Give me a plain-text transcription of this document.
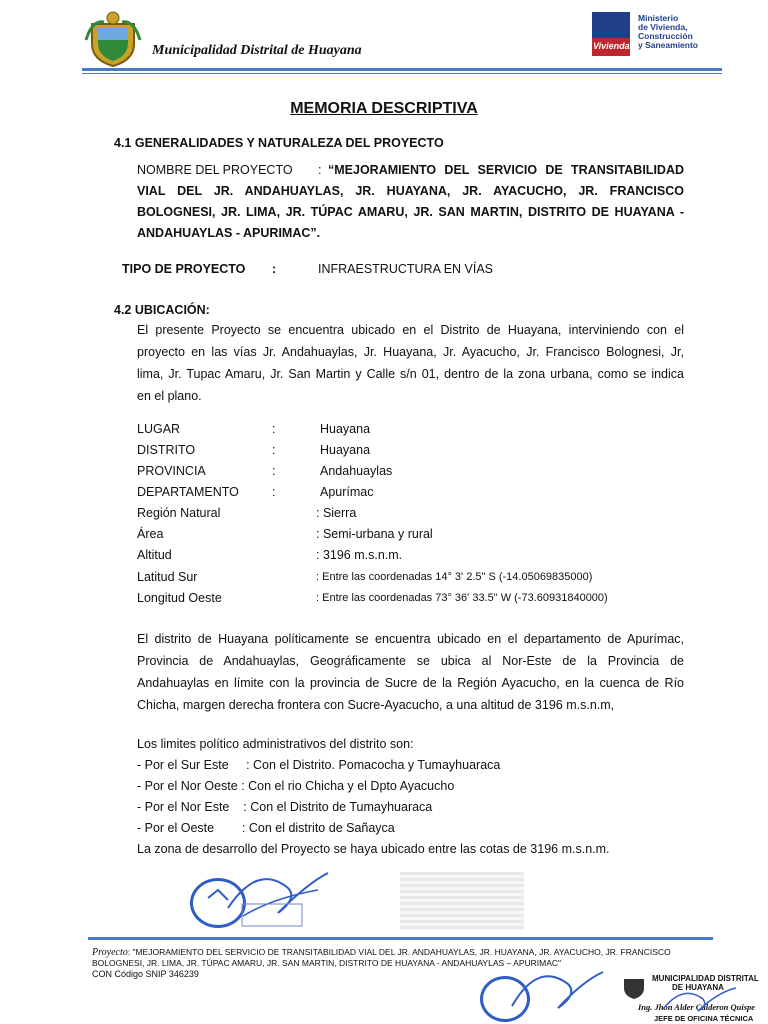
Municipalidad Distrital de Huayana	Vivienda
Ministerio
de Vivienda,
Construcción
y Saneamiento
MEMORIA DESCRIPTIVA
4.1 GENERALIDADES Y NATURALEZA DEL PROYECTO
NOMBRE DEL PROYECTO : “MEJORAMIENTO DEL SERVICIO DE TRANSITABILIDAD
VIAL DEL JR. ANDAHUAYLAS, JR. HUAYANA, JR. AYACUCHO, JR. FRANCISCO
BOLOGNESI, JR. LIMA, JR. TÚPAC AMARU, JR. SAN MARTIN, DISTRITO DE HUAYANA -
ANDAHUAYLAS - APURIMAC”.
TIPO DE PROYECTO :	INFRAESTRUCTURA EN VÍAS
4.2 UBICACIÓN:
El presente Proyecto se encuentra ubicado en el Distrito de Huayana, interviniendo con el
proyecto en las vías Jr. Andahuaylas, Jr. Huayana, Jr. Ayacucho, Jr. Francisco Bolognesi, Jr,
lima, Jr. Tupac Amaru, Jr. San Martin y Calle s/n 01, dentro de la zona urbana, como se indica
en el plano.
LUGAR	:	Huayana
DISTRITO	:	Huayana
PROVINCIA	:	Andahuaylas
DEPARTAMENTO	:	Apurímac
Región Natural	: Sierra
Área	: Semi-urbana y rural
Altitud	: 3196 m.s.n.m.
Latitud Sur	: Entre las coordenadas 14° 3' 2.5" S (-14.05069835000)
Longitud Oeste	: Entre las coordenadas 73° 36' 33.5" W (-73.60931840000)
El distrito de Huayana políticamente se encuentra ubicado en el departamento de Apurímac,
Provincia de Andahuaylas, Geográficamente se ubica al Nor-Este de la Provincia de
Andahuaylas en límite con la provincia de Sucre de la Región Ayacucho, en la cuenca de Río
Chicha, margen derecha frontera con Sucre-Ayacucho, a una altitud de 3196 m.s.n.m,
Los limites político administrativos del distrito son:
- Por el Sur Este     : Con el Distrito. Pomacocha y Tumayhuaraca
- Por el Nor Oeste : Con el rio Chicha y el Dpto Ayacucho
- Por el Nor Este    : Con el Distrito de Tumayhuaraca
- Por el Oeste        : Con el distrito de Sañayca
La zona de desarrollo del Proyecto se haya ubicado entre las cotas de 3196 m.s.n.m.
Proyecto: "MEJORAMIENTO DEL SERVICIO DE TRANSITABILIDAD VIAL DEL JR. ANDAHUAYLAS, JR. HUAYANA, JR. AYACUCHO, JR. FRANCISCO BOLOGNESI, JR. LIMA, JR. TÚPAC AMARU, JR. SAN MARTIN, DISTRITO DE HUAYANA - ANDAHUAYLAS – APURIMAC"
CON Código SNIP 346239	MUNICIPALIDAD DISTRITAL
DE HUAYANA
Ing. Jhon Alder Calderon Quispe
JEFE DE OFICINA TÉCNICA
